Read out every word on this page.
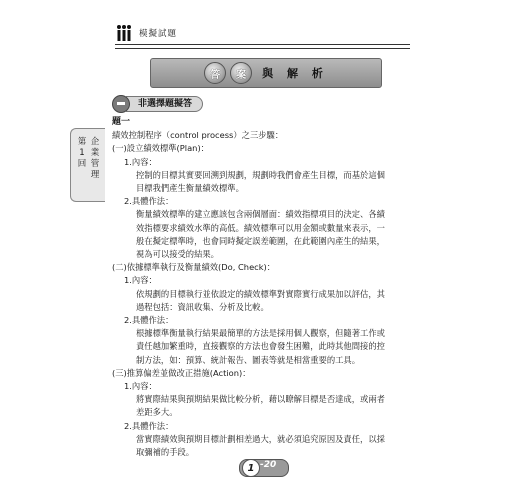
模擬試題
答	案	與 解 析
非選擇題擬答
第1回
企業管理
題一

績效控制程序（control process）之三步驟：

(一)設立績效標準(Plan)：

1.內容：

控制的目標其實要回溯到規劃，規劃時我們會產生目標，而基於這個

目標我們產生衡量績效標準。

2.具體作法：

衡量績效標準的建立應該包含兩個層面：績效指標項目的決定、各績

效指標要求績效水準的高低。績效標準可以用金額或數量來表示，一

般在擬定標準時，也會同時擬定誤差範圍，在此範圍內產生的結果，

視為可以接受的結果。

(二)依據標準執行及衡量績效(Do, Check)：

1.內容：

依規劃的目標執行並依設定的績效標準對實際實行成果加以評估，其

過程包括：資訊收集、分析及比較。

2.具體作法：

根據標準衡量執行結果最簡單的方法是採用個人觀察，但隨著工作或

責任越加繁重時，直接觀察的方法也會發生困難，此時其他間接的控

制方法，如：預算、統計報告、圖表等就是相當重要的工具。

(三)推算偏差並做改正措施(Action)：

1.內容：

將實際結果與預期結果做比較分析，藉以瞭解目標是否達成，或兩者

差距多大。

2.具體作法：

當實際績效與預期目標計劃相差過大，就必須追究原因及責任，以採

取彌補的手段。

1 -20
